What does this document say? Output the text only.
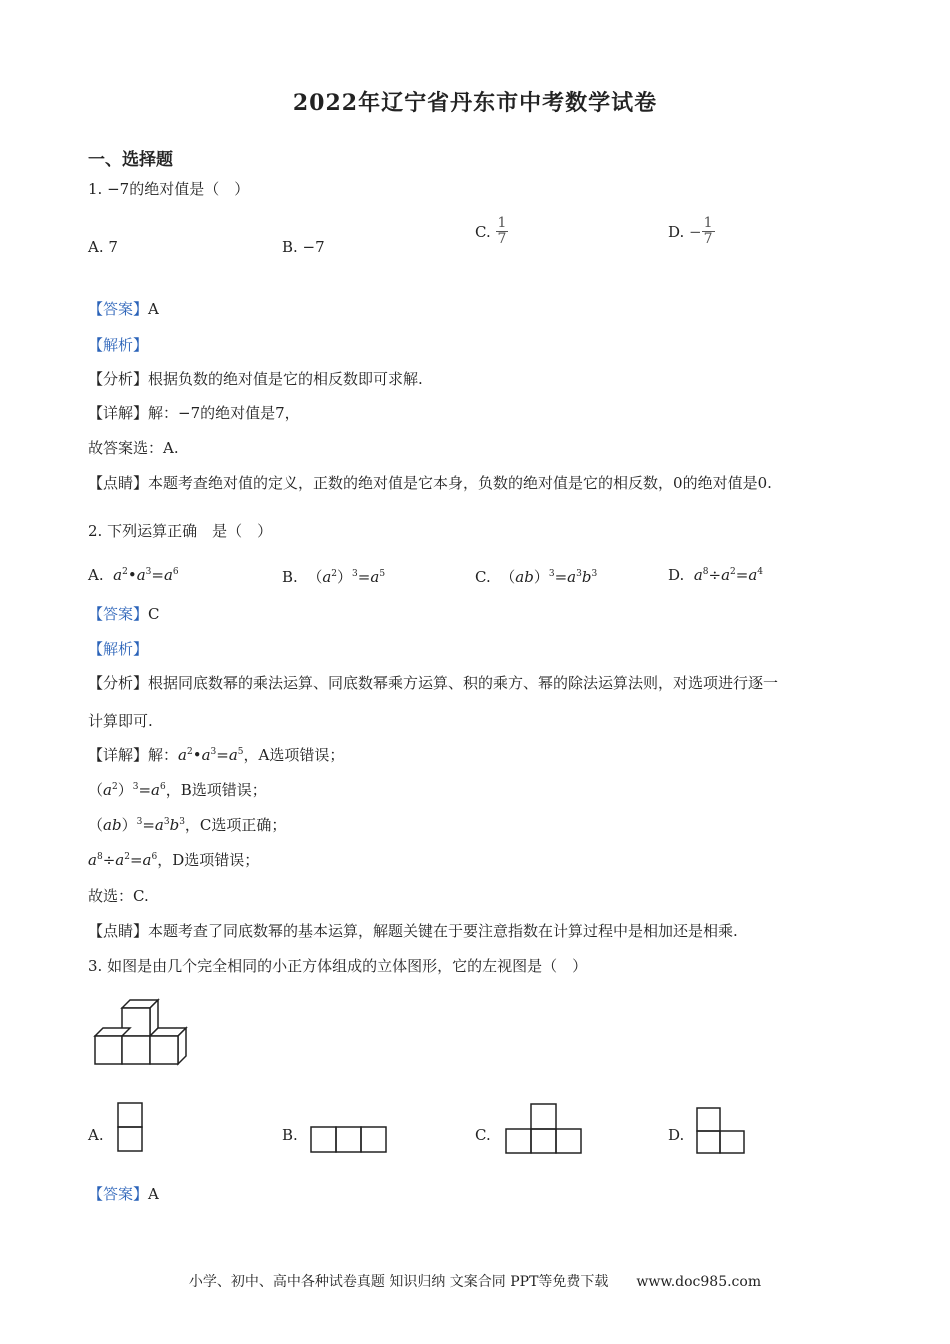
2022年辽宁省丹东市中考数学试卷
一、选择题
1. −7的绝对值是（　）
A. 7	B. −7
C. $\frac{1}{7}$	D. − $\frac{1}{7}$
【答案】A
【解析】
【分析】根据负数的绝对值是它的相反数即可求解.
【详解】解：−7的绝对值是7，
故答案选：A.
【点睛】本题考查绝对值的定义，正数的绝对值是它本身，负数的绝对值是它的相反数，0的绝对值是0.
2. 下列运算正确　是（　）
A. $a^2•a^3=a^6$	B.  $(a^2)^3=a^5$	C.  $(ab)^3=a^3b^3$	D. $a^8\div a^2=a^4$
【答案】C
【解析】
【分析】根据同底数幂的乘法运算、同底数幂乘方运算、积的乘方、幂的除法运算法则，对选项进行逐一
计算即可.
【详解】解：$a^2•a^3=a^5$，A选项错误；
$(a^2)^3=a^6$，B选项错误；
$(ab)^3=a^3b^3$，C选项正确；
$a^8\div a^2=a^6$，D选项错误；
故选：C.
【点睛】本题考查了同底数幂的基本运算，解题关键在于要注意指数在计算过程中是相加还是相乘.
3. 如图是由几个完全相同的小正方体组成的立体图形，它的左视图是（　）
A.	B.	C.	D.
【答案】A
小学、初中、高中各种试卷真题 知识归纳 文案合同 PPT等免费下载　　www.doc985.com
